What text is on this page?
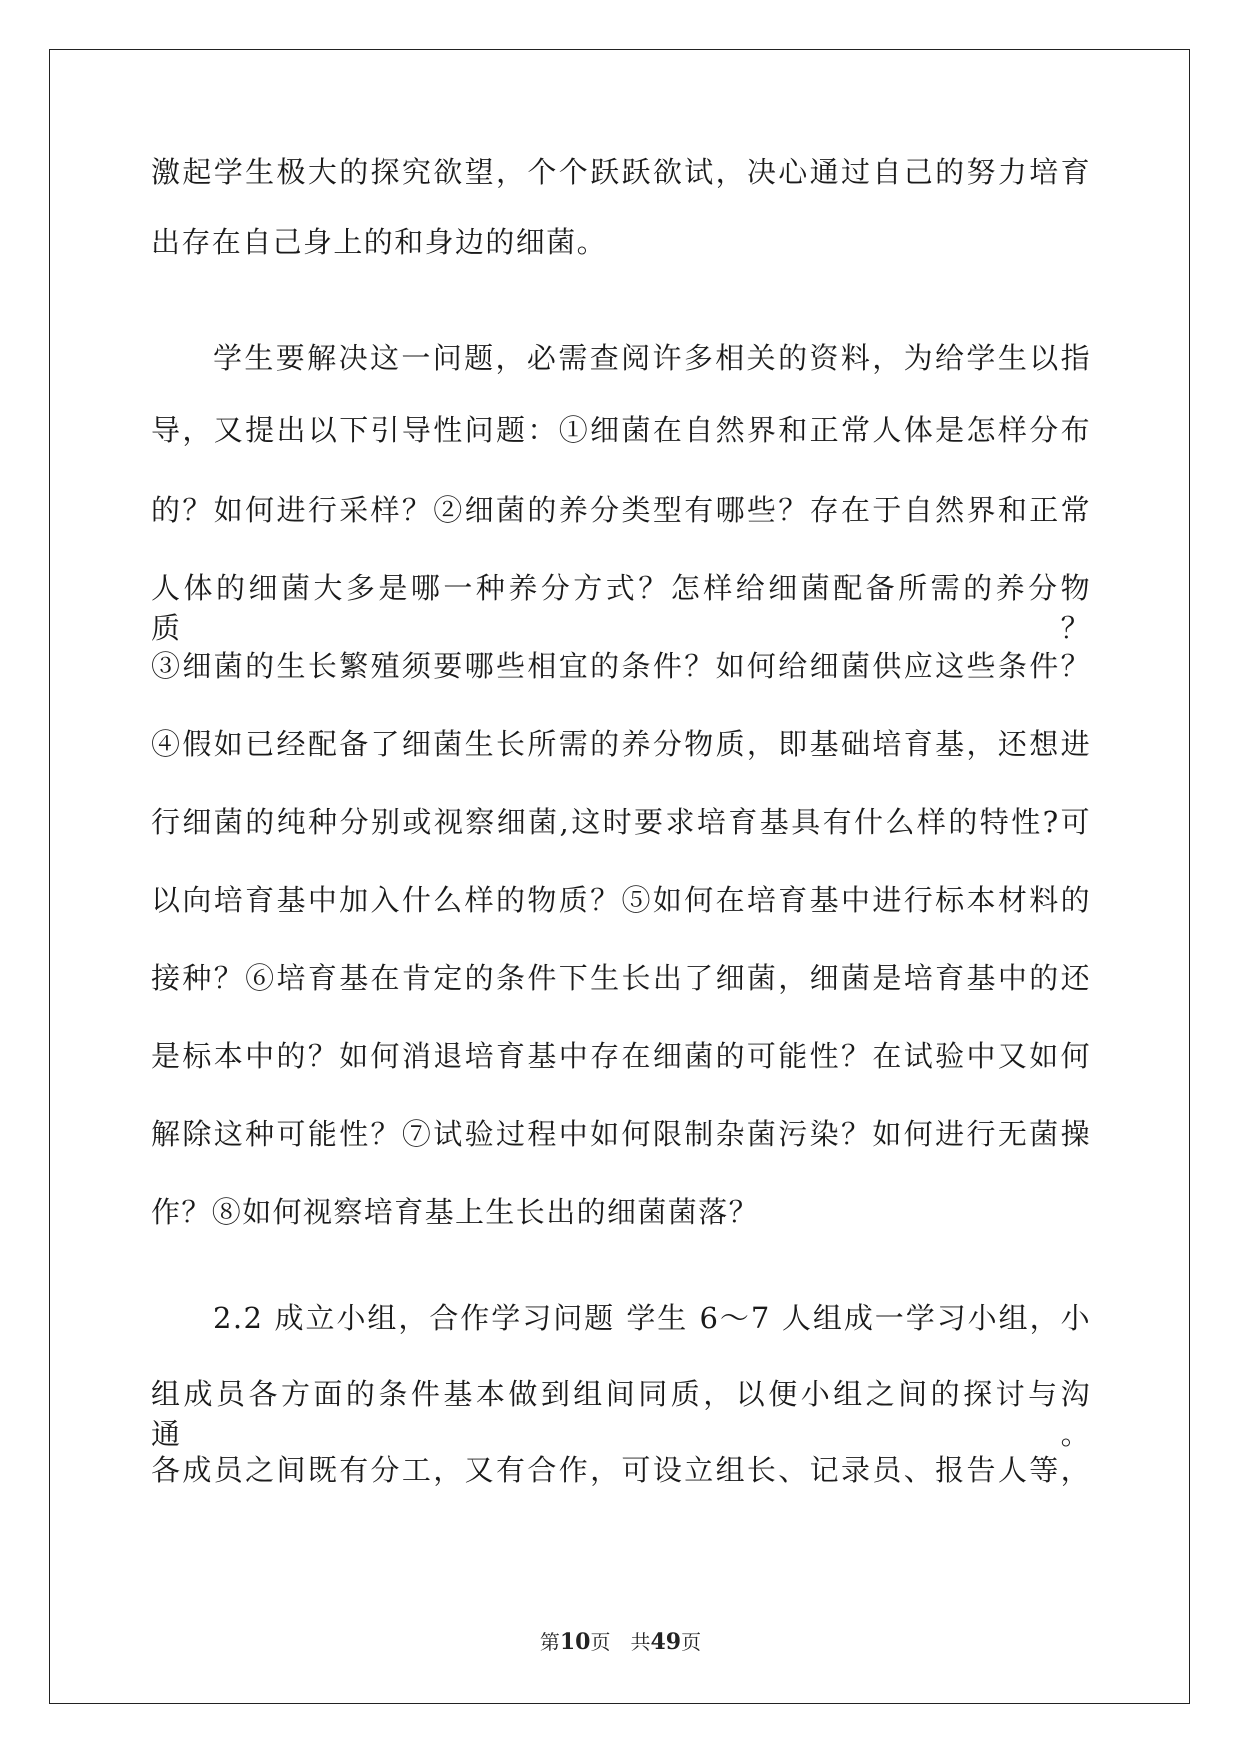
激起学生极大的探究欲望，个个跃跃欲试，决心通过自己的努力培育
出存在自己身上的和身边的细菌。
学生要解决这一问题，必需查阅许多相关的资料，为给学生以指
导，又提出以下引导性问题：①细菌在自然界和正常人体是怎样分布
的？如何进行采样？②细菌的养分类型有哪些？存在于自然界和正常
人体的细菌大多是哪一种养分方式？怎样给细菌配备所需的养分物质？
③细菌的生长繁殖须要哪些相宜的条件？如何给细菌供应这些条件？
④假如已经配备了细菌生长所需的养分物质，即基础培育基，还想进
行细菌的纯种分别或视察细菌,这时要求培育基具有什么样的特性?可
以向培育基中加入什么样的物质？⑤如何在培育基中进行标本材料的
接种？⑥培育基在肯定的条件下生长出了细菌，细菌是培育基中的还
是标本中的？如何消退培育基中存在细菌的可能性？在试验中又如何
解除这种可能性？⑦试验过程中如何限制杂菌污染？如何进行无菌操
作？⑧如何视察培育基上生长出的细菌菌落？
2.2 成立小组，合作学习问题 学生 6～7 人组成一学习小组，小
组成员各方面的条件基本做到组间同质，以便小组之间的探讨与沟通。
各成员之间既有分工，又有合作，可设立组长、记录员、报告人等，
第10页　共49页
